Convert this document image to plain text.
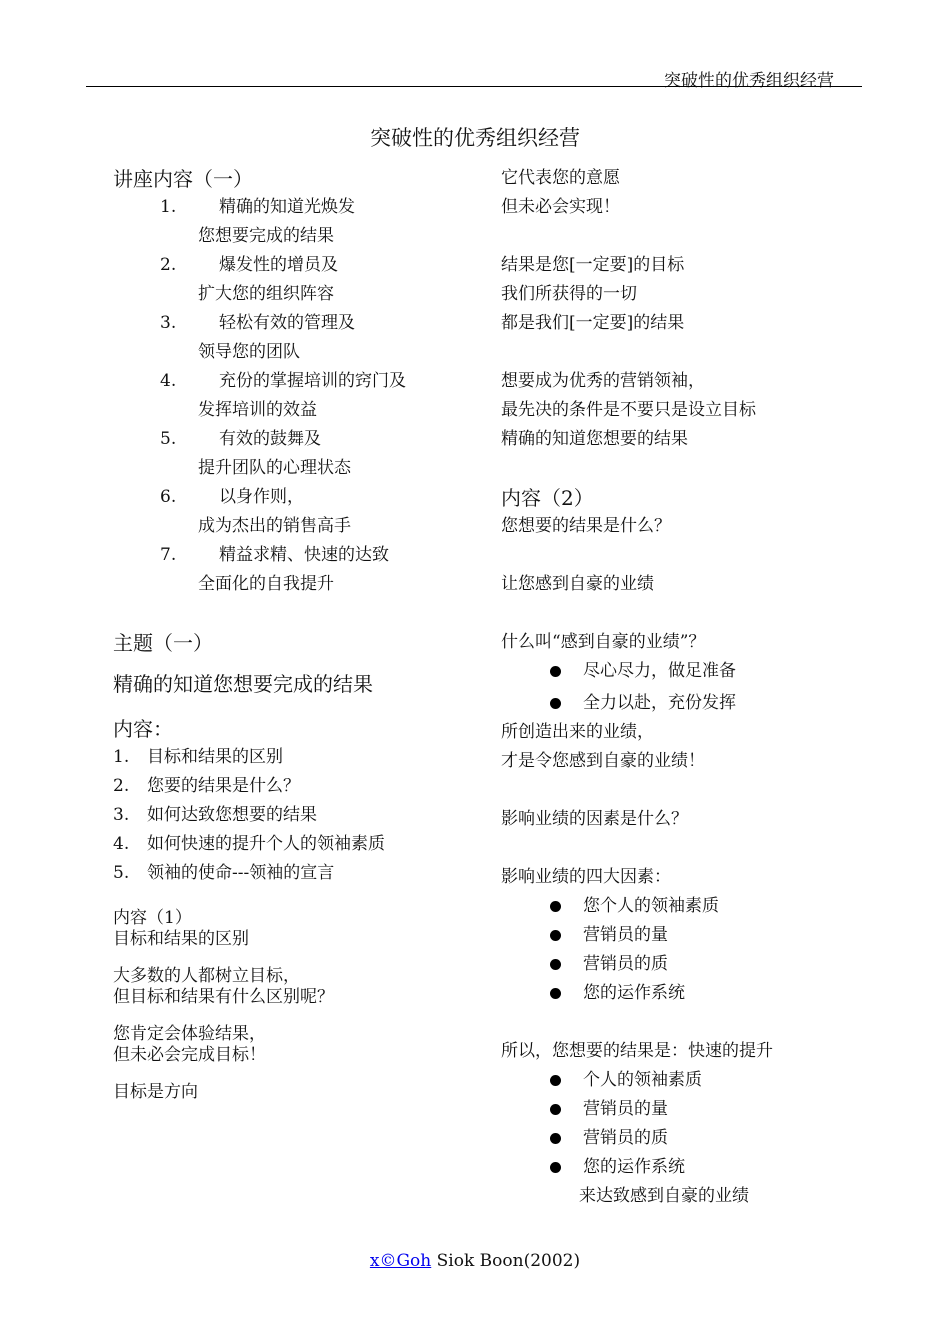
突破性的优秀组织经营
突破性的优秀组织经营
讲座内容（一）
1.	精确的知道光焕发
您想要完成的结果
2.	爆发性的增员及
扩大您的组织阵容
3.	轻松有效的管理及
领导您的团队
4.	充份的掌握培训的窍门及
发挥培训的效益
5.	有效的鼓舞及
提升团队的心理状态
6.	以身作则，
成为杰出的销售高手
7.	精益求精、快速的达致
全面化的自我提升
主题（一）
精确的知道您想要完成的结果
内容：
1. 目标和结果的区别
2. 您要的结果是什么？
3. 如何达致您想要的结果
4. 如何快速的提升个人的领袖素质
5. 领袖的使命---领袖的宣言
内容（1）
目标和结果的区别
大多数的人都树立目标，
但目标和结果有什么区别呢？
您肯定会体验结果，
但未必会完成目标！
目标是方向
它代表您的意愿
但未必会实现！
结果是您[一定要]的目标
我们所获得的一切
都是我们[一定要]的结果
想要成为优秀的营销领袖，
最先决的条件是不要只是设立目标
精确的知道您想要的结果
内容（2）
您想要的结果是什么？
让您感到自豪的业绩
什么叫“感到自豪的业绩”？
尽心尽力，做足准备
全力以赴，充份发挥
所创造出来的业绩，
才是令您感到自豪的业绩！
影响业绩的因素是什么？
影响业绩的四大因素：
您个人的领袖素质
营销员的量
营销员的质
您的运作系统
所以，您想要的结果是：快速的提升
个人的领袖素质
营销员的量
营销员的质
您的运作系统
来达致感到自豪的业绩
x©Goh Siok Boon(2002)
